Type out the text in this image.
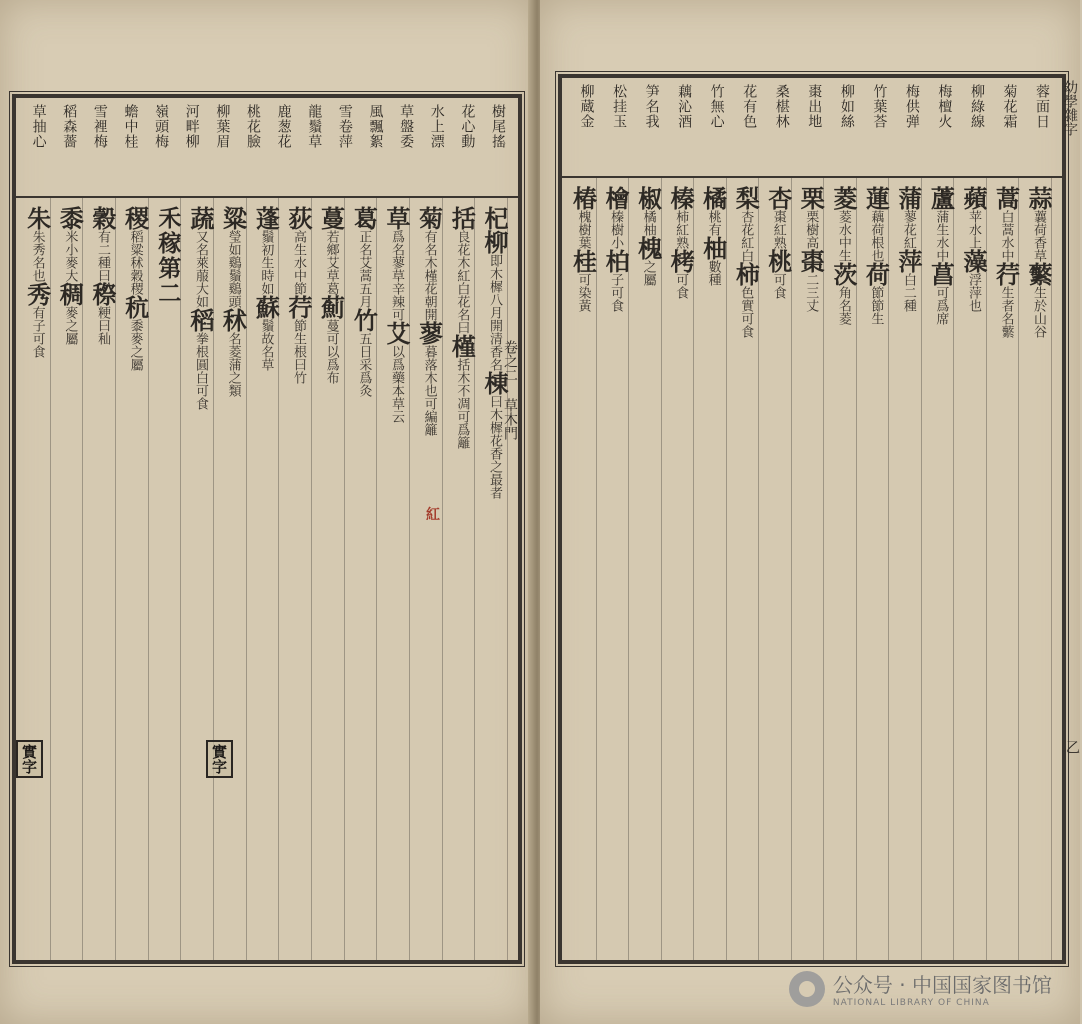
樹尾搖
花心動
水上漂
草盤委
風飄絮
雪卷萍
龍鬚草
鹿葱花
桃花臉
柳葉眉
河畔柳
嶺頭梅
蟾中桂
雪裡梅
稻森薔
草抽心
杞柳即木樨八月開清香名棟曰木樨花香之最者
括良花木紅白花名曰槿括木不凋可爲籬
菊有名木槿花朝開蓼暮落木也可編籬
草爲名蓼草辛辣可艾以爲藥本草云
葛正名艾蒿五月竹五日采爲灸
蔓若鄉艾草葛薊蔓可以爲布
荻高生水中節荇節生根曰竹
蓬鬚初生時如蘇鬚故名草
粱瑩如鷄鬚鷄頭秫名菱蒲之類
蔬又名萊菔大如稻拳根圓白可食
禾稼第二
稷稻粱秫穀稷秔黍麥之屬
穀有二種曰穄粳曰秈
黍米小麥大稠麥之屬
朱朱秀名也秀有子可食
實字	實字
紅
卷之二 草木門
蓉面日
菊花霜
柳綠線
梅檀火
梅供弹
竹葉荅
柳如絲
棗出地
桑椹林
花有色
竹無心
藕沁酒
笋名我
松挂玉
柳蔵金
蒜蘘荷香草蘩生於山谷
蒿白蒿水中荇生者名蘩
蘋苹水上藻浮萍也
蘆蒲生水中菖可爲席
蒲蓼花紅萍白二種
蓮藕荷根也荷節節生
菱菱水中生茨角名菱
栗栗樹高棗二三丈
杏棗紅熟桃可食
梨杏花紅白柿色實可食
橘桃有柚數種
榛柿紅熟栲可食
椒橘柚槐之屬
檜榛樹小柏子可食
椿槐樹葉桂可染黃
幼學雜字
乙
公众号 · 中国国家图书馆
NATIONAL LIBRARY OF CHINA
